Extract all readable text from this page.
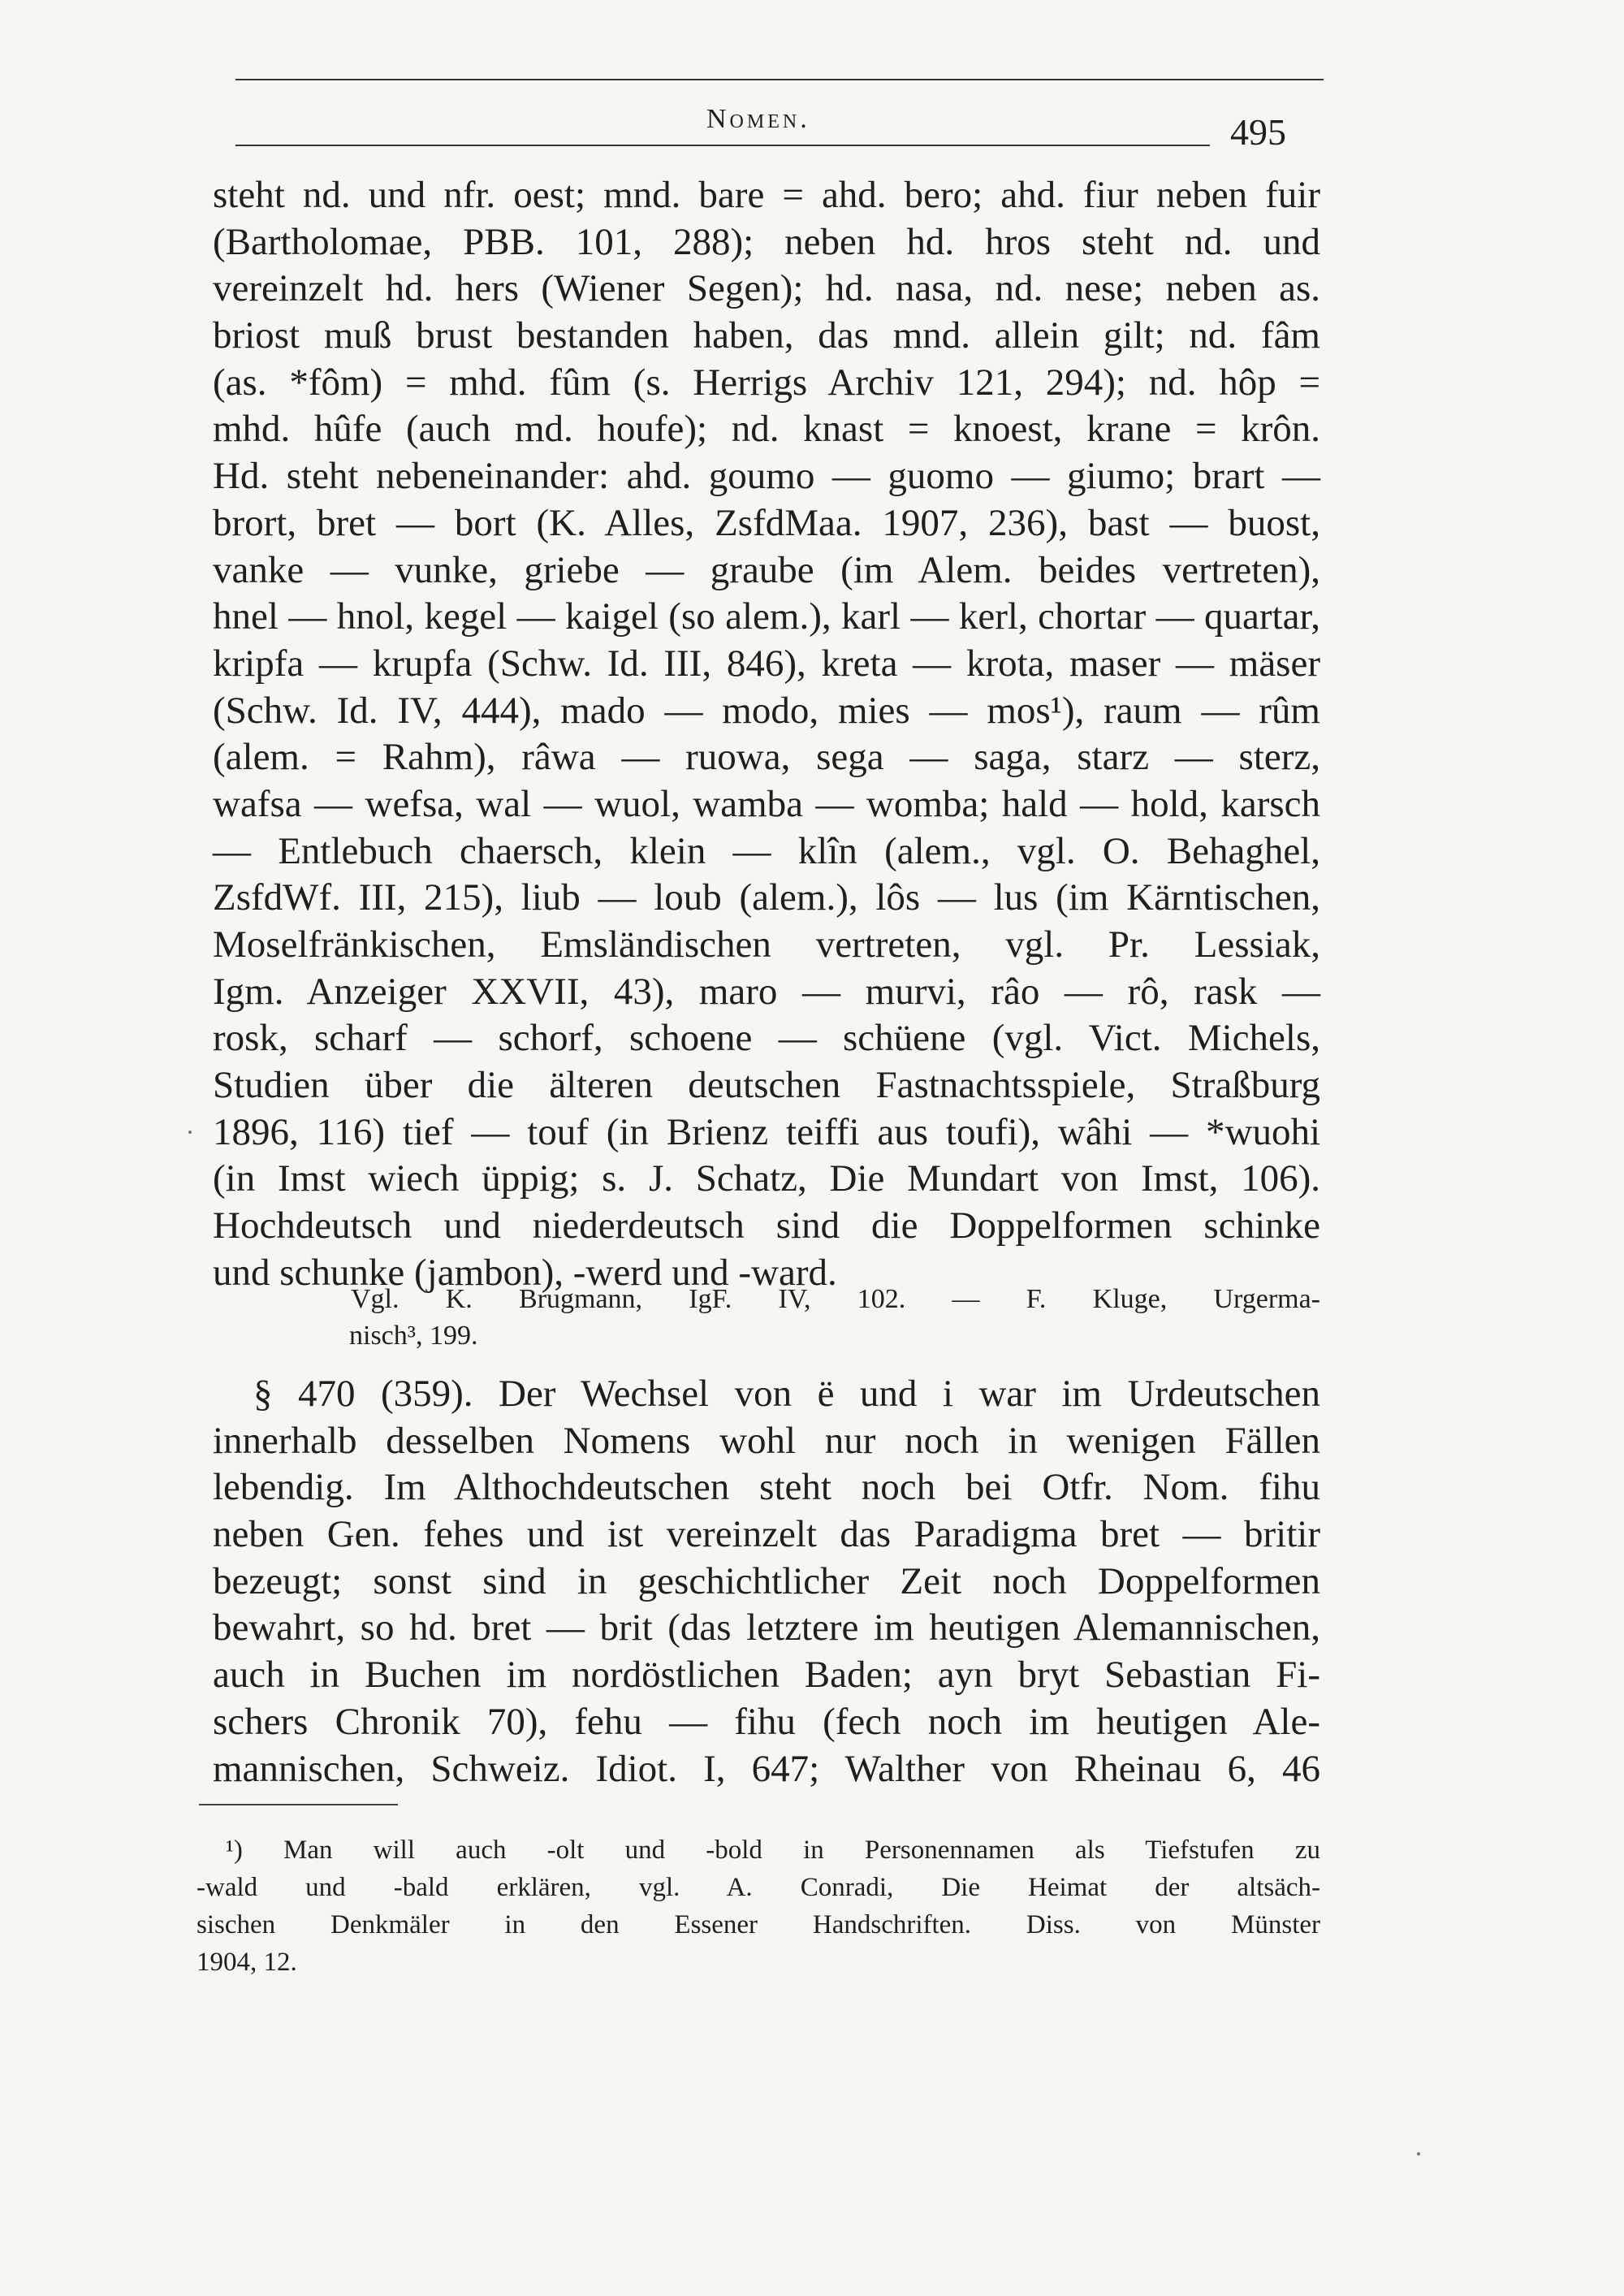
Nomen.	495
steht nd. und nfr. oest; mnd. bare = ahd. bero; ahd. fiur neben fuir
(Bartholomae, PBB. 101, 288); neben hd. hros steht nd. und
vereinzelt hd. hers (Wiener Segen); hd. nasa, nd. nese; neben as.
briost muß brust bestanden haben, das mnd. allein gilt; nd. fâm
(as. *fôm) = mhd. fûm (s. Herrigs Archiv 121, 294); nd. hôp =
mhd. hûfe (auch md. houfe); nd. knast = knoest, krane = krôn.
Hd. steht nebeneinander: ahd. goumo — guomo — giumo; brart —
brort, bret — bort (K. Alles, ZsfdMaa. 1907, 236), bast — buost,
vanke — vunke, griebe — graube (im Alem. beides vertreten),
hnel — hnol, kegel — kaigel (so alem.), karl — kerl, chortar — quartar,
kripfa — krupfa (Schw. Id. III, 846), kreta — krota, maser — mäser
(Schw. Id. IV, 444), mado — modo, mies — mos¹), raum — rûm
(alem. = Rahm), râwa — ruowa, sega — saga, starz — sterz,
wafsa — wefsa, wal — wuol, wamba — womba; hald — hold, karsch
— Entlebuch chaersch, klein — klîn (alem., vgl. O. Behaghel,
ZsfdWf. III, 215), liub — loub (alem.), lôs — lus (im Kärntischen,
Moselfränkischen, Emsländischen vertreten, vgl. Pr. Lessiak,
Igm. Anzeiger XXVII, 43), maro — murvi, râo — rô, rask —
rosk, scharf — schorf, schoene — schüene (vgl. Vict. Michels,
Studien über die älteren deutschen Fastnachtsspiele, Straßburg
1896, 116) tief — touf (in Brienz teiffi aus toufi), wâhi — *wuohi
(in Imst wiech üppig; s. J. Schatz, Die Mundart von Imst, 106).
Hochdeutsch und niederdeutsch sind die Doppelformen schinke
und schunke (jambon), -werd und -ward.
Vgl. K. Brugmann, IgF. IV, 102. — F. Kluge, Urgerma-
nisch³, 199.
§ 470 (359). Der Wechsel von ë und i war im Urdeutschen
innerhalb desselben Nomens wohl nur noch in wenigen Fällen
lebendig. Im Althochdeutschen steht noch bei Otfr. Nom. fihu
neben Gen. fehes und ist vereinzelt das Paradigma bret — britir
bezeugt; sonst sind in geschichtlicher Zeit noch Doppelformen
bewahrt, so hd. bret — brit (das letztere im heutigen Alemannischen,
auch in Buchen im nordöstlichen Baden; ayn bryt Sebastian Fi-
schers Chronik 70), fehu — fihu (fech noch im heutigen Ale-
mannischen, Schweiz. Idiot. I, 647; Walther von Rheinau 6, 46
¹) Man will auch -olt und -bold in Personennamen als Tiefstufen zu
-wald und -bald erklären, vgl. A. Conradi, Die Heimat der altsäch-
sischen Denkmäler in den Essener Handschriften. Diss. von Münster
1904, 12.
